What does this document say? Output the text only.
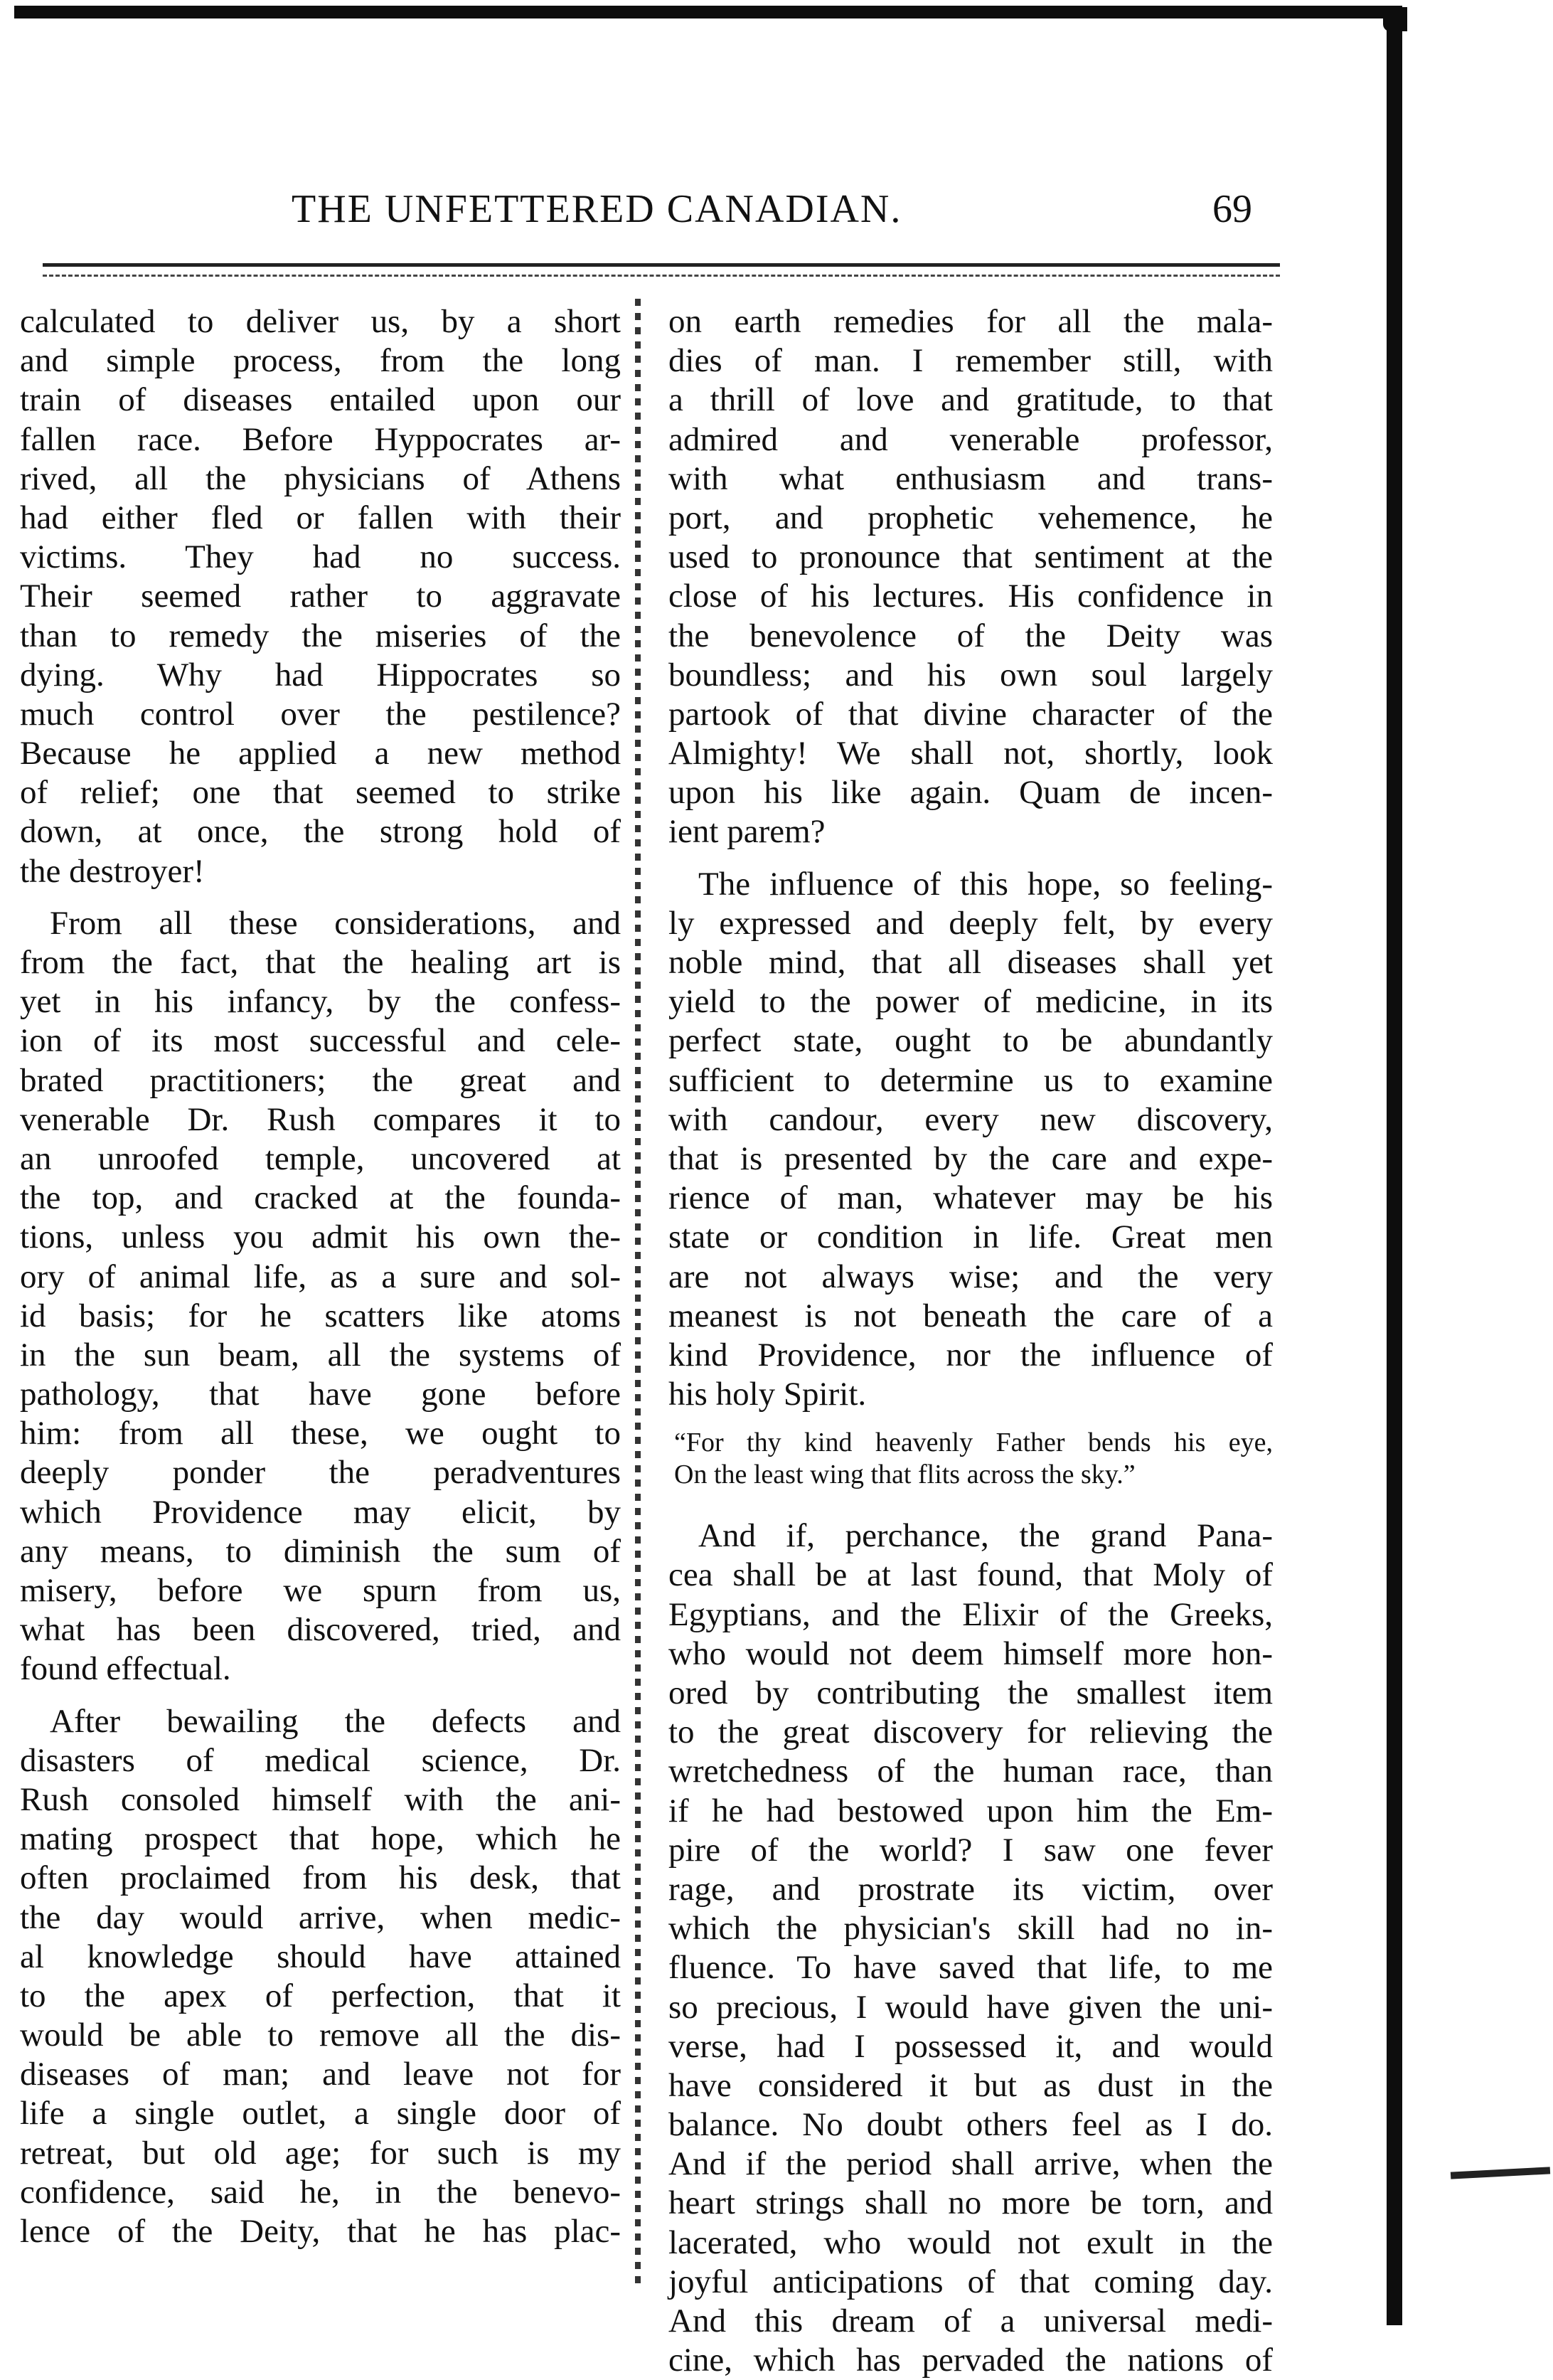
THE UNFETTERED CANADIAN.	69
calculated to deliver us, by a short
and simple process, from the long
train of diseases entailed upon our
fallen race. Before Hyppocrates ar-
rived, all the physicians of Athens
had either fled or fallen with their
victims. They had no success.
Their seemed rather to aggravate
than to remedy the miseries of the
dying. Why had Hippocrates so
much control over the pestilence?
Because he applied a new method
of relief; one that seemed to strike
down, at once, the strong hold of
the destroyer!
From all these considerations, and
from the fact, that the healing art is
yet in his infancy, by the confess-
ion of its most successful and cele-
brated practitioners; the great and
venerable Dr. Rush compares it to
an unroofed temple, uncovered at
the top, and cracked at the founda-
tions, unless you admit his own the-
ory of animal life, as a sure and sol-
id basis; for he scatters like atoms
in the sun beam, all the systems of
pathology, that have gone before
him: from all these, we ought to
deeply ponder the peradventures
which Providence may elicit, by
any means, to diminish the sum of
misery, before we spurn from us,
what has been discovered, tried, and
found effectual.
After bewailing the defects and
disasters of medical science, Dr.
Rush consoled himself with the ani-
mating prospect that hope, which he
often proclaimed from his desk, that
the day would arrive, when medic-
al knowledge should have attained
to the apex of perfection, that it
would be able to remove all the dis-
diseases of man; and leave not for
life a single outlet, a single door of
retreat, but old age; for such is my
confidence, said he, in the benevo-
lence of the Deity, that he has plac-
on earth remedies for all the mala-
dies of man. I remember still, with
a thrill of love and gratitude, to that
admired and venerable professor,
with what enthusiasm and trans-
port, and prophetic vehemence, he
used to pronounce that sentiment at the
close of his lectures. His confidence in
the benevolence of the Deity was
boundless; and his own soul largely
partook of that divine character of the
Almighty! We shall not, shortly, look
upon his like again. Quam de incen-
ient parem?
The influence of this hope, so feeling-
ly expressed and deeply felt, by every
noble mind, that all diseases shall yet
yield to the power of medicine, in its
perfect state, ought to be abundantly
sufficient to determine us to examine
with candour, every new discovery,
that is presented by the care and expe-
rience of man, whatever may be his
state or condition in life. Great men
are not always wise; and the very
meanest is not beneath the care of a
kind Providence, nor the influence of
his holy Spirit.
“For thy kind heavenly Father bends his eye,
On the least wing that flits across the sky.”
And if, perchance, the grand Pana-
cea shall be at last found, that Moly of
Egyptians, and the Elixir of the Greeks,
who would not deem himself more hon-
ored by contributing the smallest item
to the great discovery for relieving the
wretchedness of the human race, than
if he had bestowed upon him the Em-
pire of the world? I saw one fever
rage, and prostrate its victim, over
which the physician's skill had no in-
fluence. To have saved that life, to me
so precious, I would have given the uni-
verse, had I possessed it, and would
have considered it but as dust in the
balance. No doubt others feel as I do.
And if the period shall arrive, when the
heart strings shall no more be torn, and
lacerated, who would not exult in the
joyful anticipations of that coming day.
And this dream of a universal medi-
cine, which has pervaded the nations of
